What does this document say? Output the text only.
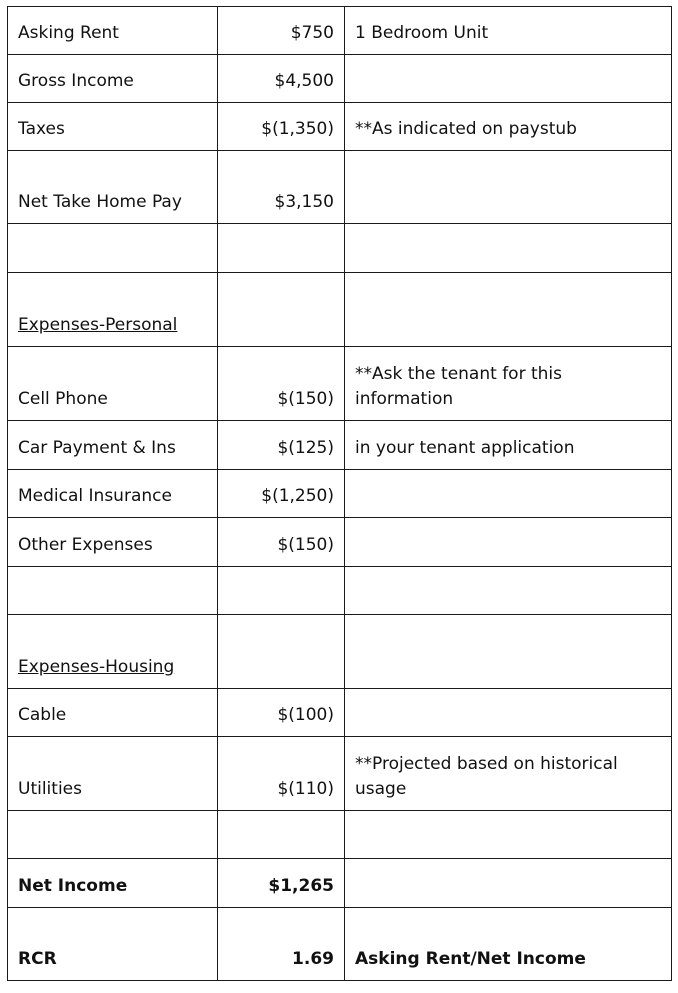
Asking Rent	$750	1 Bedroom Unit
Gross Income	$4,500	
Taxes	$(1,350)	**As indicated on paystub
Net Take Home Pay	$3,150	

Expenses-Personal		
Cell Phone	$(150)	**Ask the tenant for this information
Car Payment & Ins	$(125)	in your tenant application
Medical Insurance	$(1,250)	
Other Expenses	$(150)	

Expenses-Housing		
Cable	$(100)	
Utilities	$(110)	**Projected based on historical usage

Net Income	$1,265	
RCR	1.69	Asking Rent/Net Income
